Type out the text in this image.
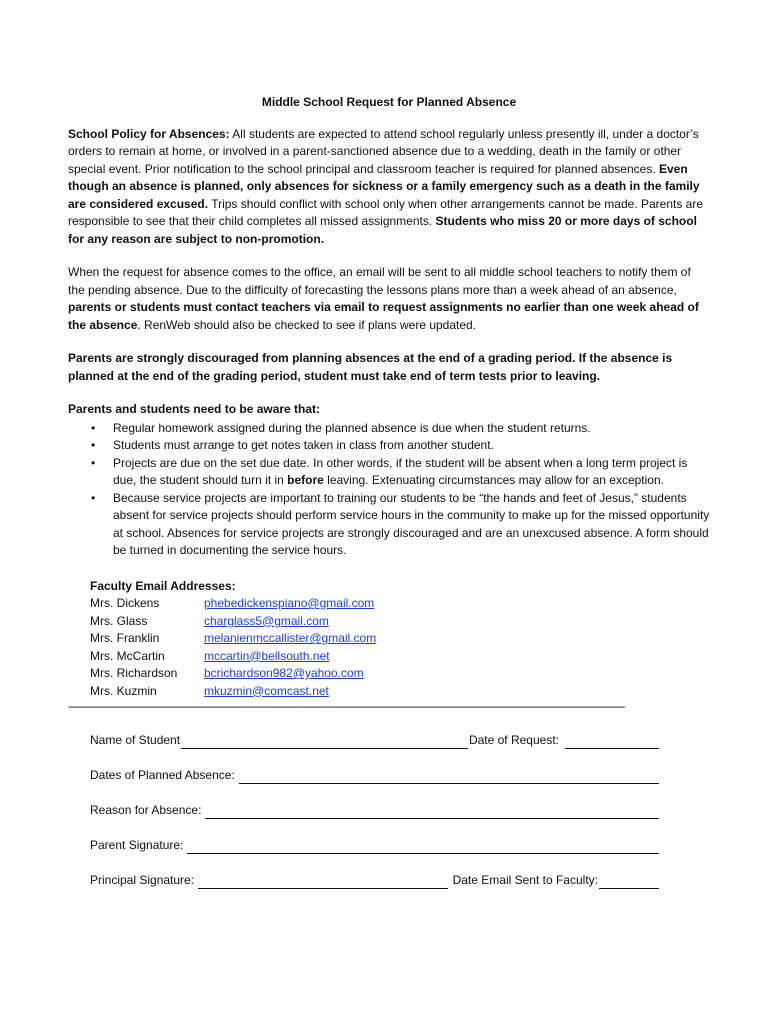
Middle School Request for Planned Absence

School Policy for Absences: All students are expected to attend school regularly unless presently ill, under a doctor’s orders to remain at home, or involved in a parent-sanctioned absence due to a wedding, death in the family or other special event. Prior notification to the school principal and classroom teacher is required for planned absences. Even though an absence is planned, only absences for sickness or a family emergency such as a death in the family are considered excused. Trips should conflict with school only when other arrangements cannot be made. Parents are responsible to see that their child completes all missed assignments. Students who miss 20 or more days of school for any reason are subject to non-promotion.

When the request for absence comes to the office, an email will be sent to all middle school teachers to notify them of the pending absence. Due to the difficulty of forecasting the lessons plans more than a week ahead of an absence, parents or students must contact teachers via email to request assignments no earlier than one week ahead of the absence. RenWeb should also be checked to see if plans were updated.

Parents are strongly discouraged from planning absences at the end of a grading period. If the absence is planned at the end of the grading period, student must take end of term tests prior to leaving.

Parents and students need to be aware that:
• Regular homework assigned during the planned absence is due when the student returns.
• Students must arrange to get notes taken in class from another student.
• Projects are due on the set due date. In other words, if the student will be absent when a long term project is due, the student should turn it in before leaving. Extenuating circumstances may allow for an exception.
• Because service projects are important to training our students to be “the hands and feet of Jesus,” students absent for service projects should perform service hours in the community to make up for the missed opportunity at school. Absences for service projects are strongly discouraged and are an unexcused absence. A form should be turned in documenting the service hours.
Faculty Email Addresses:
Mrs. Dickens	phebedickenspiano@gmail.com
Mrs. Glass	charglass5@gmail.com
Mrs. Franklin	melanienmccallister@gmail.com
Mrs. McCartin	mccartin@bellsouth.net
Mrs. Richardson	bcrichardson982@yahoo.com
Mrs. Kuzmin	mkuzmin@comcast.net
-----------------------------------------------------------------------------------------------------------------------------------------------------------------------------------------------------------------
Name of Student	Date of Request:
Dates of Planned Absence:
Reason for Absence:
Parent Signature:
Principal Signature:	Date Email Sent to Faculty:
